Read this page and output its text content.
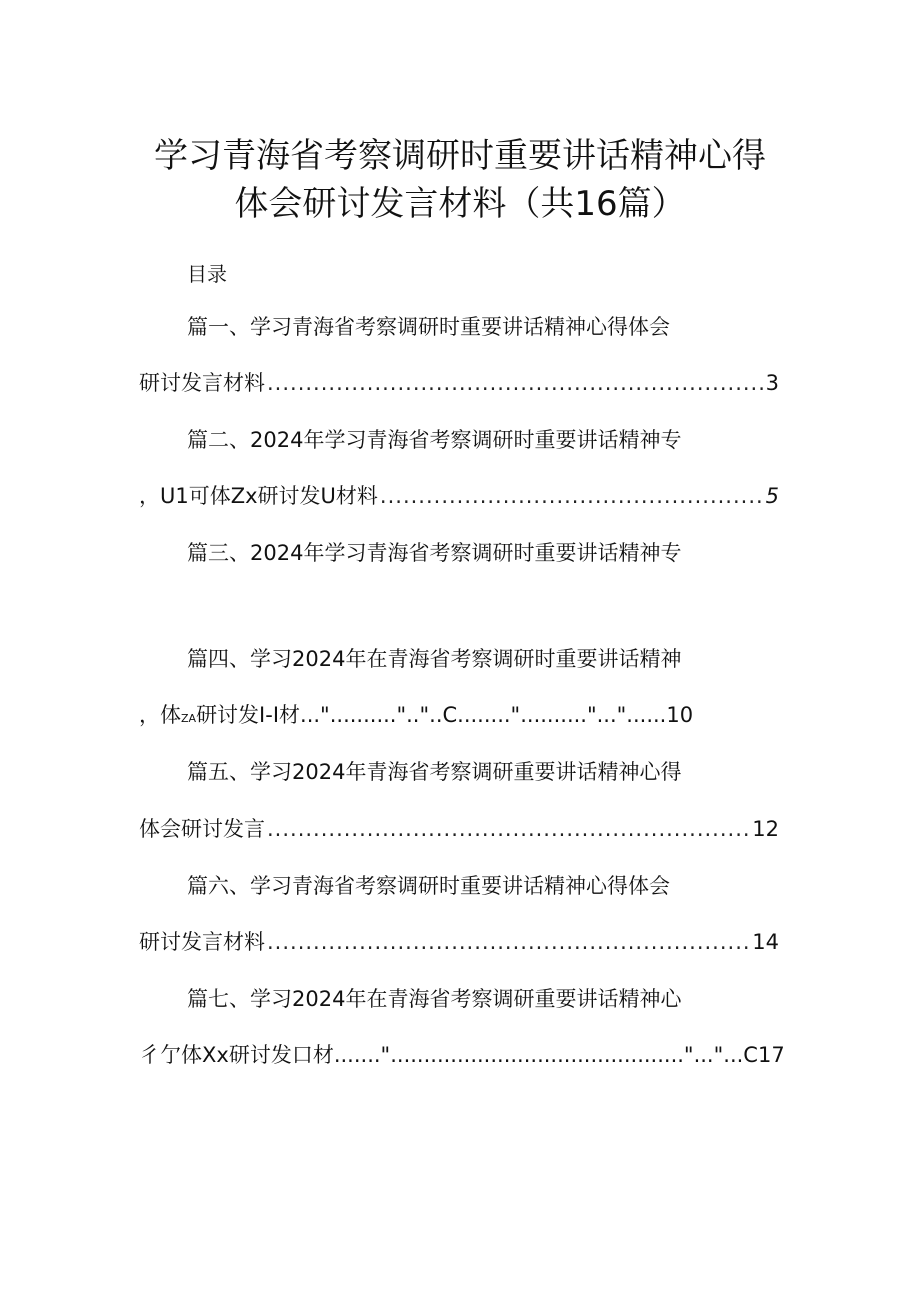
学习青海省考察调研时重要讲话精神心得
体会研讨发言材料（共16篇）
目录
篇一、学习青海省考察调研时重要讲话精神心得体会
研讨发言材料 .....	3
篇二、2024年学习青海省考察调研时重要讲话精神专
，U1可体Zx研讨发U材料 .....	5
篇三、2024年学习青海省考察调研时重要讲话精神专
篇四、学习2024年在青海省考察调研时重要讲话精神
，体 ZA 研讨发I-I材 ..."..........".."..C........".........."..."......10
篇五、学习2024年青海省考察调研重要讲话精神心得
体会研讨发言 .....	12
篇六、学习青海省考察调研时重要讲话精神心得体会
研讨发言材料 .....	14
篇七、学习2024年在青海省考察调研重要讲话精神心
彳亇体Xx研讨发口材 ......."............................................"..."...C17
